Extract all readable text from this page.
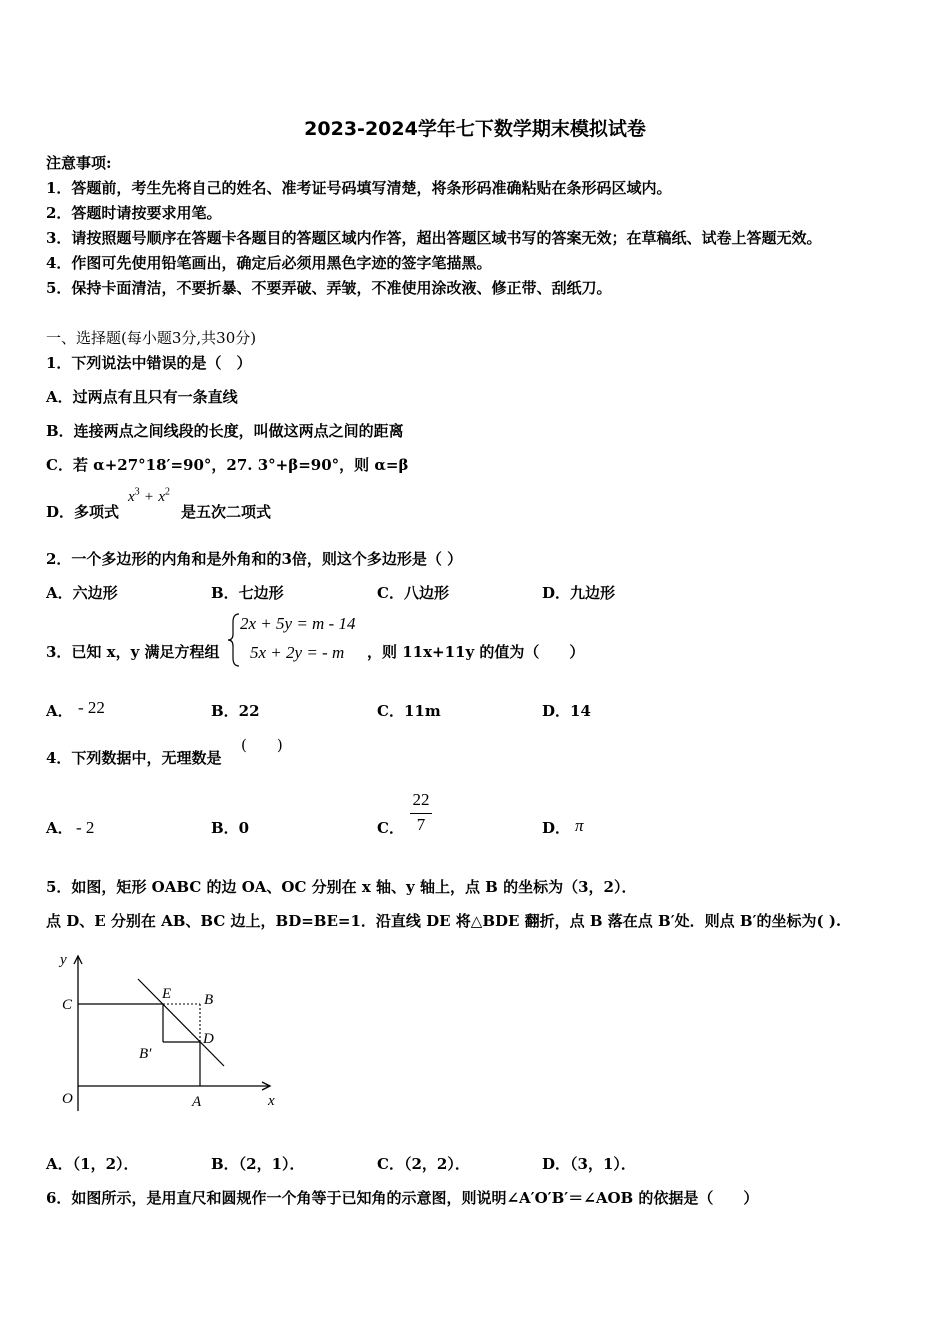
2023-2024学年七下数学期末模拟试卷
注意事项:
1．答题前，考生先将自己的姓名、准考证号码填写清楚，将条形码准确粘贴在条形码区域内。
2．答题时请按要求用笔。
3．请按照题号顺序在答题卡各题目的答题区域内作答，超出答题区域书写的答案无效；在草稿纸、试卷上答题无效。
4．作图可先使用铅笔画出，确定后必须用黑色字迹的签字笔描黑。
5．保持卡面清洁，不要折暴、不要弄破、弄皱，不准使用涂改液、修正带、刮纸刀。
一、选择题(每小题3分,共30分)
1．下列说法中错误的是（　）
A．过两点有且只有一条直线
B．连接两点之间线段的长度，叫做这两点之间的距离
C．若 α+27°18′=90°，27. 3°+β=90°，则 α=β
D．多项式
$x^3 + x^2$
是五次二项式
2．一个多边形的内角和是外角和的3倍，则这个多边形是（ ）
A．六边形	B．七边形	C．八边形	D．九边形
3．已知 x，y 满足方程组
2x + 5y = m - 14
5x + 2y = - m ，则 11x+11y 的值为（　　）
A． - 22	B．22	C．11m	D．14
4．下列数据中，无理数是
(　　)
A． - 2	B．0	C．
22
7	D． π
5．如图，矩形 OABC 的边 OA、OC 分别在 x 轴、y 轴上，点 B 的坐标为（3，2）．
点 D、E 分别在 AB、BC 边上，BD=BE=1．沿直线 DE 将△BDE 翻折，点 B 落在点 B′处．则点 B′的坐标为( ).
y
x
O	A
C	B
E
D
B′
A．（1，2）．	B．（2，1）．	C．（2，2）．	D．（3，1）．
6．如图所示，是用直尺和圆规作一个角等于已知角的示意图，则说明∠A′O′B′＝∠AOB 的依据是（　　）
